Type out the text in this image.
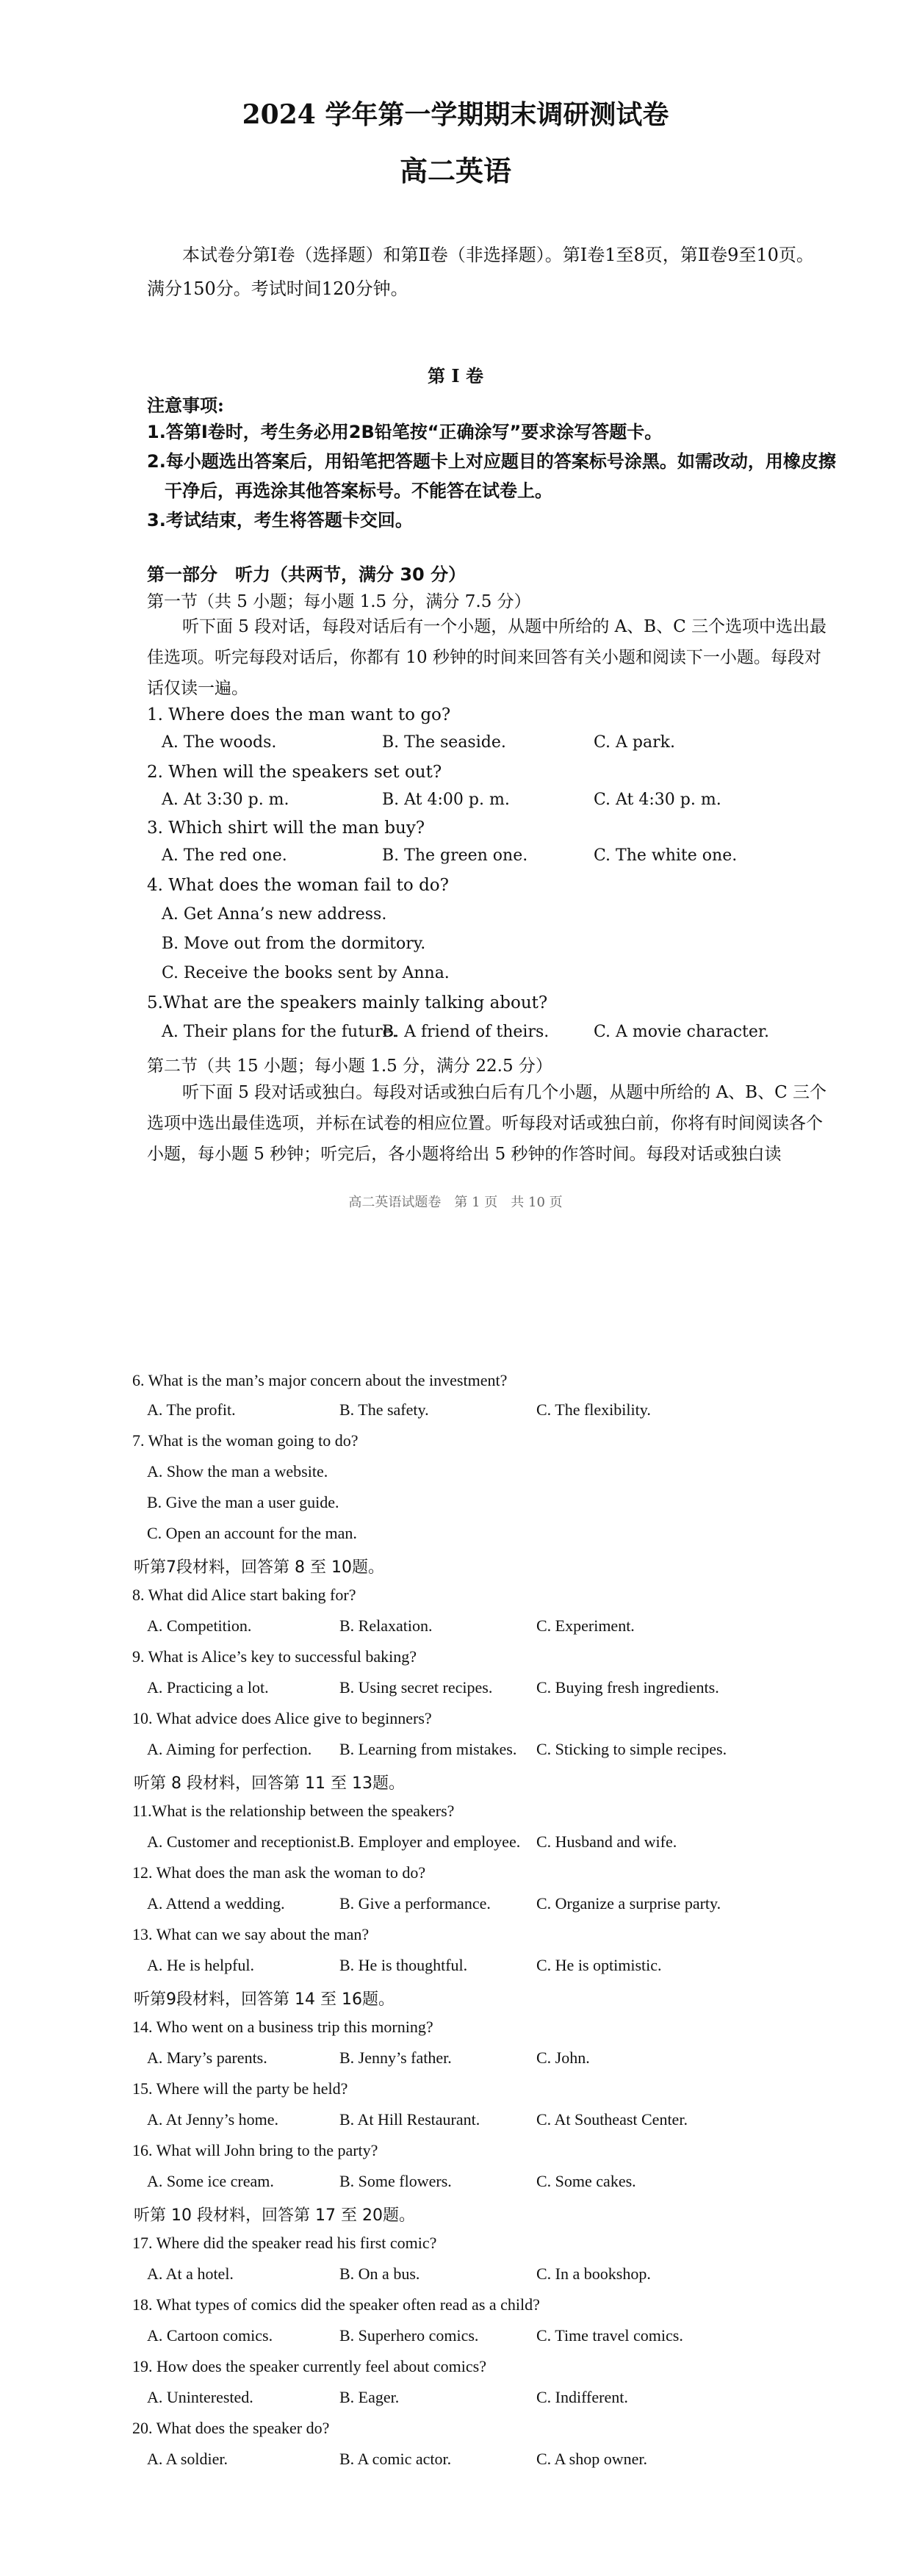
2024 学年第一学期期末调研测试卷
高二英语
本试卷分第Ⅰ卷（选择题）和第Ⅱ卷（非选择题）。第Ⅰ卷1至8页，第Ⅱ卷9至10页。满分150分。考试时间120分钟。
第 I 卷
注意事项:
1.答第Ⅰ卷时，考生务必用2B铅笔按“正确涂写”要求涂写答题卡。
2.每小题选出答案后，用铅笔把答题卡上对应题目的答案标号涂黑。如需改动，用橡皮擦
干净后，再选涂其他答案标号。不能答在试卷上。
3.考试结束，考生将答题卡交回。
第一部分　听力（共两节，满分 30 分）
第一节（共 5 小题；每小题 1.5 分，满分 7.5 分）
听下面 5 段对话，每段对话后有一个小题，从题中所给的 A、B、C 三个选项中选出最佳选项。听完每段对话后，你都有 10 秒钟的时间来回答有关小题和阅读下一小题。每段对话仅读一遍。
1. Where does the man want to go?
A. The woods.	B. The seaside.	C. A park.
2. When will the speakers set out?
A. At 3:30 p. m.	B. At 4:00 p. m.	C. At 4:30 p. m.
3. Which shirt will the man buy?
A. The red one.	B. The green one.	C. The white one.
4. What does the woman fail to do?
A. Get Anna’s new address.
B. Move out from the dormitory.
C. Receive the books sent by Anna.
5.What are the speakers mainly talking about?
A. Their plans for the future.
B. A friend of theirs.	C. A movie character.
第二节（共 15 小题；每小题 1.5 分，满分 22.5 分）
听下面 5 段对话或独白。每段对话或独白后有几个小题，从题中所给的 A、B、C 三个选项中选出最佳选项，并标在试卷的相应位置。听每段对话或独白前，你将有时间阅读各个小题，每小题 5 秒钟；听完后，各小题将给出 5 秒钟的作答时间。每段对话或独白读
高二英语试题卷　第 1 页　共 10 页
6. What is the man’s major concern about the investment?
A. The profit.	B. The safety.	C. The flexibility.
7. What is the woman going to do?
A. Show the man a website.
B. Give the man a user guide.
C. Open an account for the man.
听第7段材料，回答第 8 至 10题。
8. What did Alice start baking for?
A. Competition.	B. Relaxation.	C. Experiment.
9. What is Alice’s key to successful baking?
A. Practicing a lot.	B. Using secret recipes.	C. Buying fresh ingredients.
10. What advice does Alice give to beginners?
A. Aiming for perfection. B. Learning from mistakes. C. Sticking to simple recipes.
听第 8 段材料，回答第 11 至 13题。
11.What is the relationship between the speakers?
A. Customer and receptionist.
B. Employer and employee. C. Husband and wife.
12. What does the man ask the woman to do?
A. Attend a wedding.	B. Give a performance.	C. Organize a surprise party.
13. What can we say about the man?
A. He is helpful.	B. He is thoughtful.	C. He is optimistic.
听第9段材料，回答第 14 至 16题。
14. Who went on a business trip this morning?
A. Mary’s parents.	B. Jenny’s father.	C. John.
15. Where will the party be held?
A. At Jenny’s home.	B. At Hill Restaurant.	C. At Southeast Center.
16. What will John bring to the party?
A. Some ice cream.	B. Some flowers.	C. Some cakes.
听第 10 段材料，回答第 17 至 20题。
17. Where did the speaker read his first comic?
A. At a hotel.	B. On a bus.	C. In a bookshop.
18. What types of comics did the speaker often read as a child?
A. Cartoon comics.	B. Superhero comics.	C. Time travel comics.
19. How does the speaker currently feel about comics?
A. Uninterested.	B. Eager.	C. Indifferent.
20. What does the speaker do?
A. A soldier.	B. A comic actor.	C. A shop owner.
